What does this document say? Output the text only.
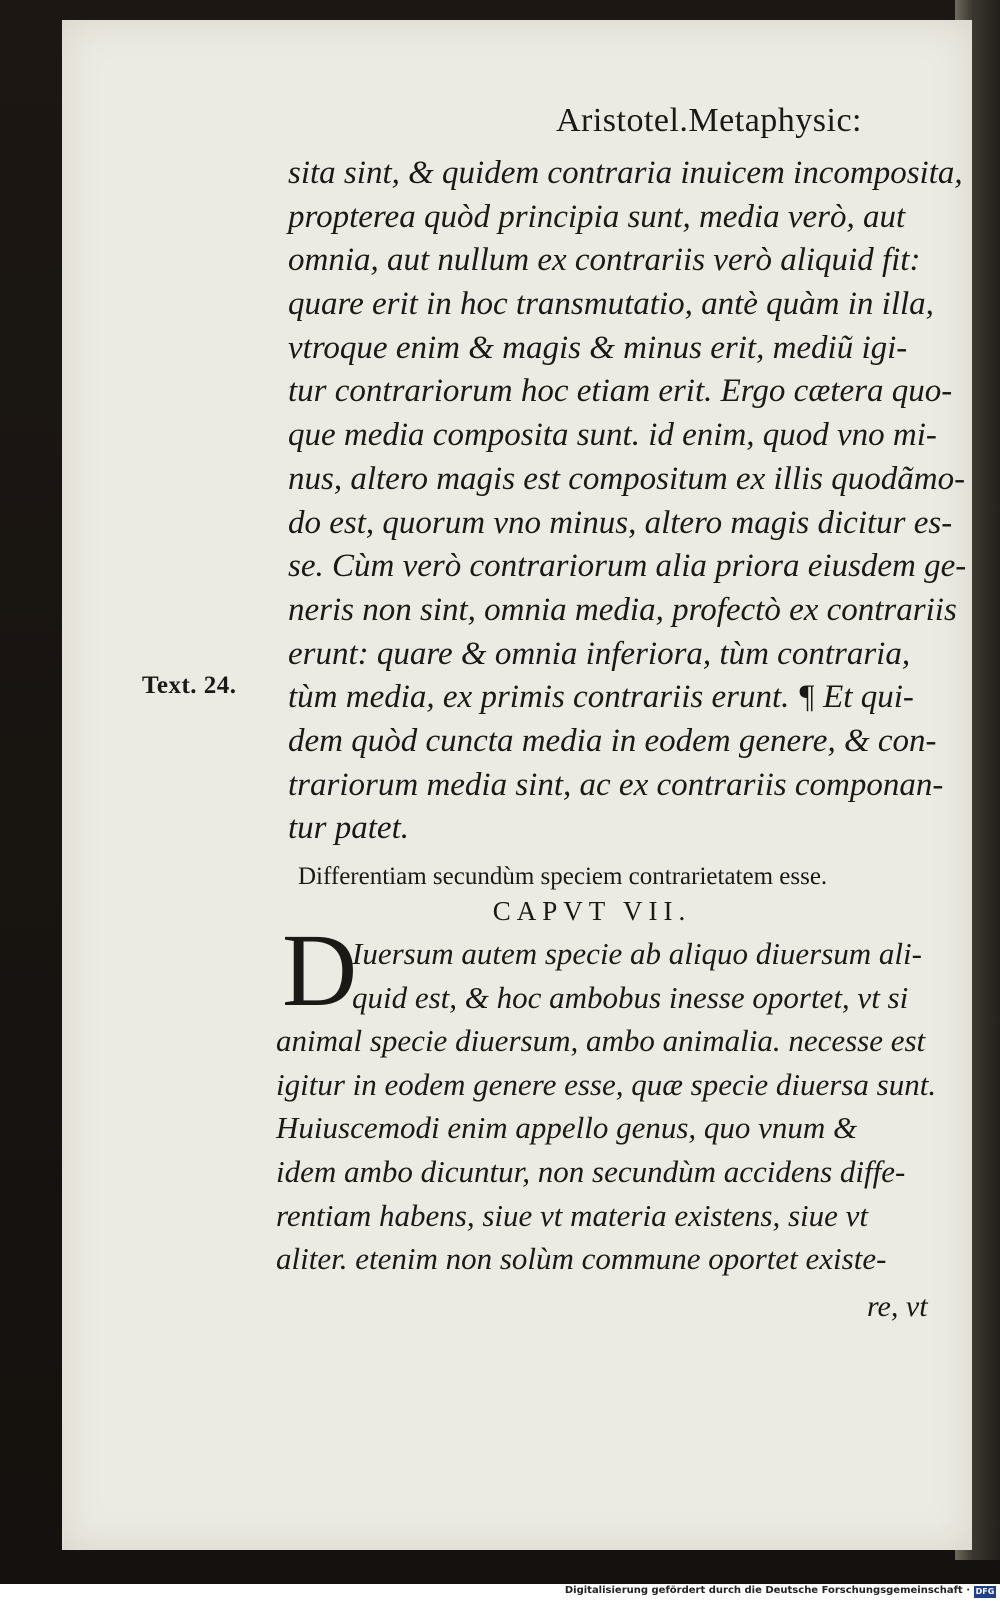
Aristotel.Metaphysic:
sita sint, & quidem contraria inuicem incomposita,
propterea quòd principia sunt, media verò, aut
omnia, aut nullum ex contrariis verò aliquid fit:
quare erit in hoc transmutatio, antè quàm in illa,
vtroque enim & magis & minus erit, mediũ igi-
tur contrariorum hoc etiam erit. Ergo cætera quo-
que media composita sunt. id enim, quod vno mi-
nus, altero magis est compositum ex illis quodãmo-
do est, quorum vno minus, altero magis dicitur es-
se. Cùm verò contrariorum alia priora eiusdem ge-
neris non sint, omnia media, profectò ex contrariis
erunt: quare & omnia inferiora, tùm contraria,
tùm media, ex primis contrariis erunt. ¶ Et qui-
dem quòd cuncta media in eodem genere, & con-
trariorum media sint, ac ex contrariis componan-
tur patet.
Text. 24.
Differentiam secundùm speciem contrarietatem esse.
CAPVT VII.
D
Iuersum autem specie ab aliquo diuersum ali-
quid est, & hoc ambobus inesse oportet, vt si
animal specie diuersum, ambo animalia. necesse est
igitur in eodem genere esse, quæ specie diuersa sunt.
Huiuscemodi enim appello genus, quo vnum &
idem ambo dicuntur, non secundùm accidens diffe-
rentiam habens, siue vt materia existens, siue vt
aliter. etenim non solùm commune oportet existe-
re, vt
Digitalisierung gefördert durch die Deutsche Forschungsgemeinschaft · DFG
